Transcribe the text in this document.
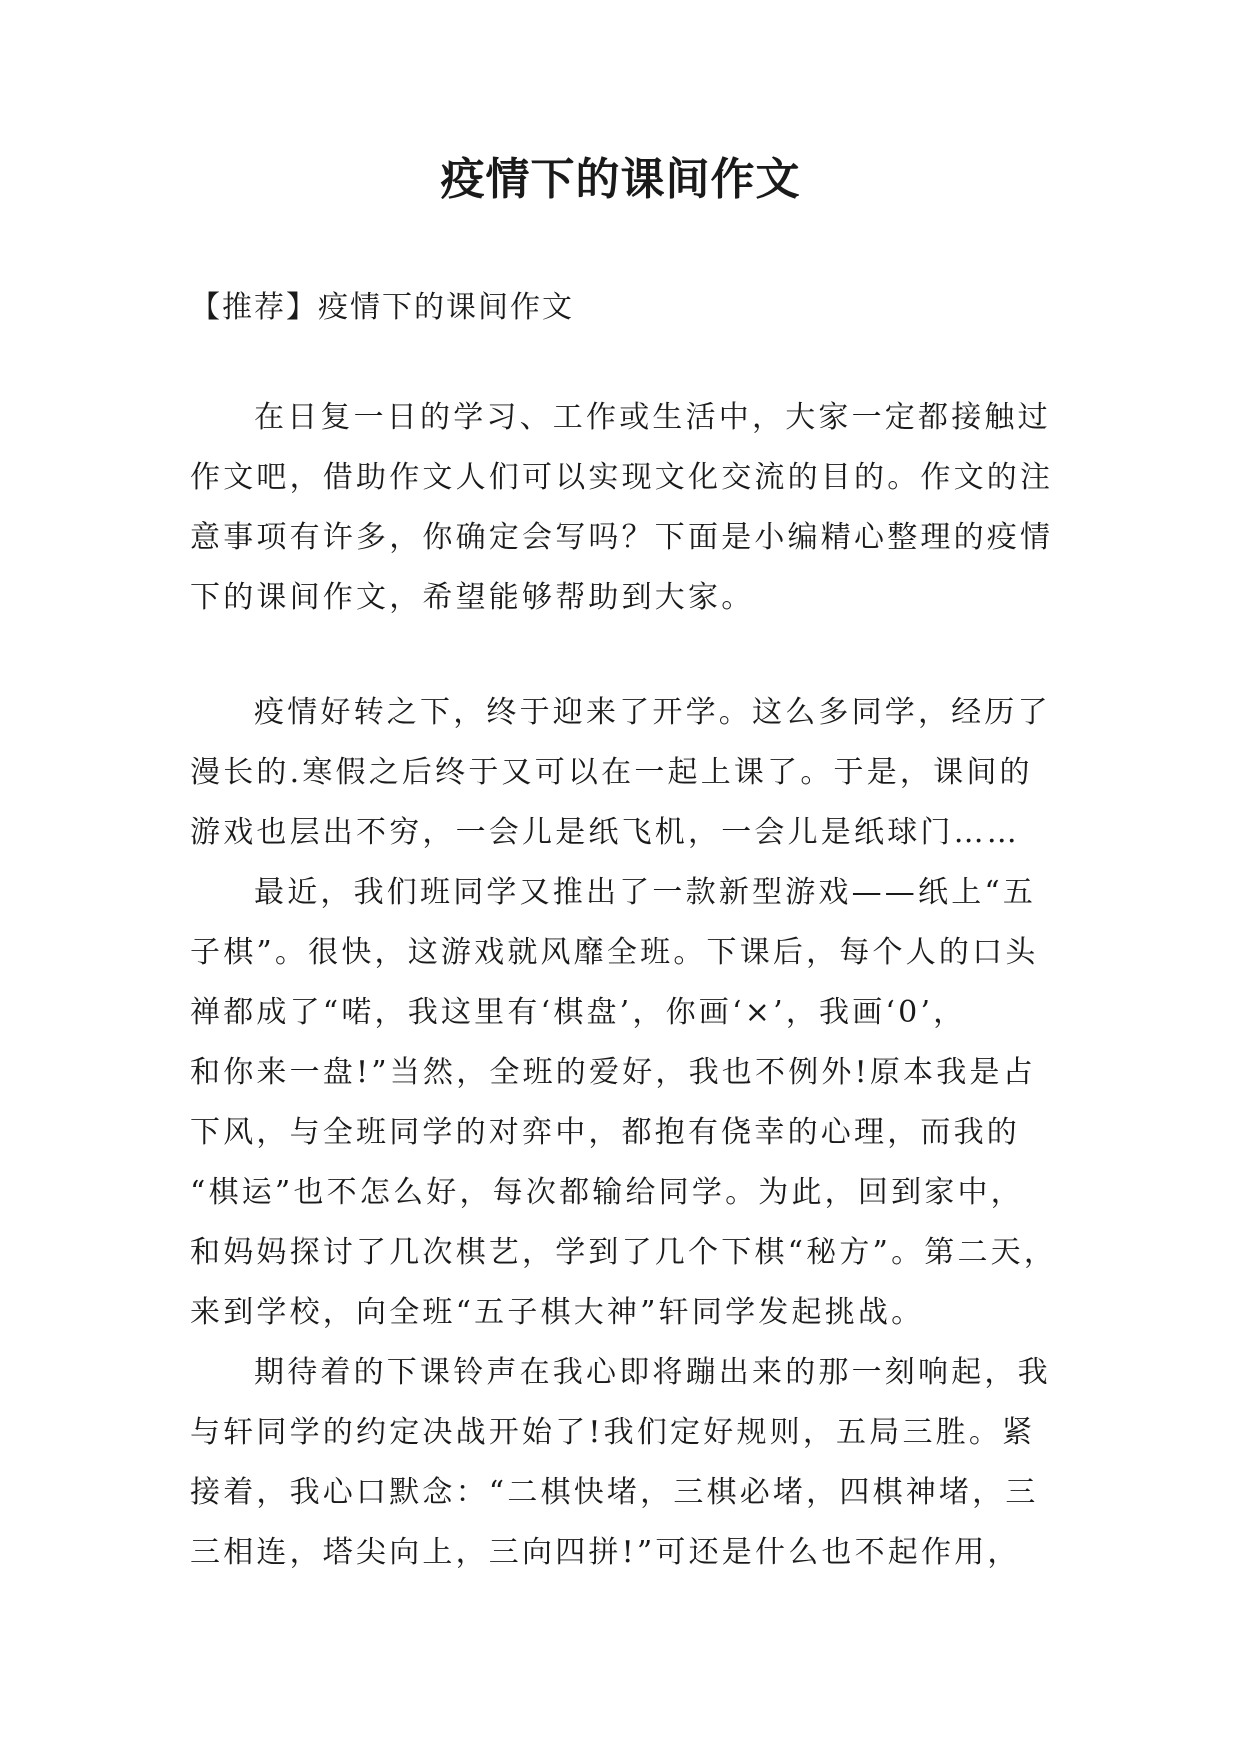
疫情下的课间作文
【推荐】疫情下的课间作文
在日复一日的学习、工作或生活中，大家一定都接触过
作文吧，借助作文人们可以实现文化交流的目的。作文的注
意事项有许多，你确定会写吗？下面是小编精心整理的疫情
下的课间作文，希望能够帮助到大家。
疫情好转之下，终于迎来了开学。这么多同学，经历了
漫长的.寒假之后终于又可以在一起上课了。于是，课间的
游戏也层出不穷，一会儿是纸飞机，一会儿是纸球门……
最近，我们班同学又推出了一款新型游戏——纸上“五
子棋”。很快，这游戏就风靡全班。下课后，每个人的口头
禅都成了“喏，我这里有‘棋盘’，你画‘×’，我画‘0’，
和你来一盘!”当然，全班的爱好，我也不例外!原本我是占
下风，与全班同学的对弈中，都抱有侥幸的心理，而我的
“棋运”也不怎么好，每次都输给同学。为此，回到家中，
和妈妈探讨了几次棋艺，学到了几个下棋“秘方”。第二天，
来到学校，向全班“五子棋大神”轩同学发起挑战。
期待着的下课铃声在我心即将蹦出来的那一刻响起，我
与轩同学的约定决战开始了!我们定好规则，五局三胜。紧
接着，我心口默念：“二棋快堵，三棋必堵，四棋神堵，三
三相连，塔尖向上，三向四拼!”可还是什么也不起作用，
